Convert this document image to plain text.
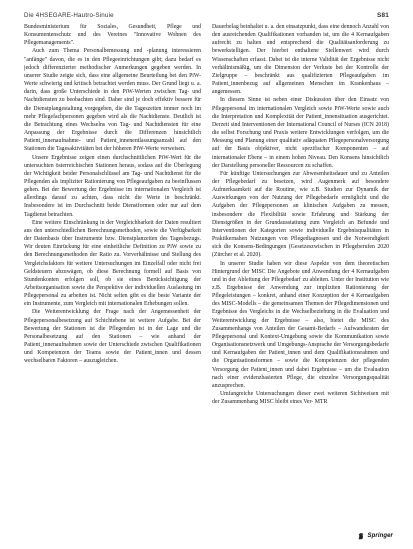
Die 4HSEGARE-Hautro-Sinuie	S81

Bundesministerium für Soziales, Gesundheit, Pflege und Konsumentenschutz und des Vereines "Innovative Wohnen des Pflegemanagements".

Auch zum Thema Personalbemessung und -planung interessieren "anfänge" davon, die es in den Pflegeeinrichtungen gibt; dazu bedarf es jedoch differenzierter methodischer Anmerkungen gegeben werden. In unserer Studie zeigte sich, dass eine allgemeine Beurteilung bei den PiW-Werte schwierig und kritisch betrachtet werden muss. Der Grund liegt u. a. darin, dass große Unterschiede in den PiW-Werten zwischen Tag- und Nachtdiensten zu beobachten sind. Daher sind je doch effektiv bessere für die Dienstplangestaltung vorgegeben, die die Tageszeiten immer noch im mehr Pflegefachpersonen gegeben wird als die Nachtdienste. Deutlich ist die Betrachtung eines Wechselns von Tag- und Nachtdiensten für eine Anpassung der Ergebnisse durch die Differenzen hinsichtlich Patient_innenaufnahme- und Patient_innenentlassungsanzahl auf den Stationen die Tagesaktivitäten bei der höheren PiW-Werte verweisen.

Unsere Ergebnisse zeigen einen durchschnittlichen PiW-Wert für die untersuchten österreichischen Stationen heraus, sodass auf die Überlegung der Wichtigkeit beider Personalschlüssel am Tag- und Nachtdienst für die Pflegenden als impliziter Rationierung von Pflegeaufgaben zu beeinflussen gehen. Bei der Bewertung der Ergebnisse im internationalen Vergleich ist allerdings darauf zu achten, dass nicht die Werte in beschränkt. Insbesondere ist im Durchschnitt beide Dienstformen oder nur auf dem Tagdienst betrachten.

Eine weitere Einschränkung in der Vergleichbarkeit der Daten resultiert aus den unterschiedlichen Berechnungsmethoden, sowie die Verfügbarkeit der Datenbasis über Instrumente bzw. Dienstplanzeiten des Tagesbezugs. Wir deuten Einrückung für eine einheitliche Definition zu PiW sowie zu den Berechnungsmethoden der Ratio zu. Vorverhältnisse und Stellung des Vergleichsfaktors für weitere Untersuchungen im Einzelfall oder nicht frei Geldsteuern abzuwägen, ob diese Berechnung formell auf Basis von Stundenkonten erfolgen soll, ob sie eines Berücksichtigung der Arbeitsorganisation sowie die Perspektive der individuellen Auslastung im Pflegepersonal zu arbeiten ist. Nicht selten gibt es die beste Variante der ein Instrumente, zum Vergleich mit internationalen Erhebungen sollen.

Die Weiterentwicklung der Frage nach der Angemessenheit der Pflegepersonalbesetzung auf Schichtebene ist weitere Aufgabe. Bei der Bewertung der Stationen ist die Pflegenden ist in der Lage und die Personalbesetzung auf den Stationen – wie anhand der Patient_innenaufnahmen sowie der Unterschiede zwischen Qualifikationen und Kompetenzen der Teams sowie der Patient_innen und dessen wechselbaren Faktoren – auszugleichen.

Dauerbelag beinhaltet u. a. den einsatzpunkt, dass eine dennoch Anzahl von den ausreichenden Qualifikationen vorhanden ist, um die 4 Kernaufgaben aufrecht zu halten und entsprechend die Qualitätsanforderung zu bewerkstelligen. Der hierbei enthaltene Stellenwert wird durch Wissenschaften erfasst. Dabei ist die interne Validität der Ergebnisse nicht verhältnismäßig, um die Dimension der Verluste bei der Kontrolle der Zielgruppe – beschränkt aus qualifizierten Pflegeaufgaben im Patient_innenbezug auf allgemeinen Menschen im Krankenhaus – angemessen.

In diesem Sinne ist neben einer Diskussion über den Einsatz von Pflegepersonal im internationalen Vergleich sowie PiW-Werte sowie auch die Interpretation und Komplexität der Patient_innensituation ausgerichtet. Derzeit sind Interventionen der International Council of Nurses (ICN 2018) die selbst Forschung und Praxis weitere Entwicklungen verfolgen, um die Messung und Planung einer qualitativ adäquaten Pflegepersonalversorgung auf der Basis objektiver, nicht spezifischer Komponenten – auf internationaler Ebene – in einem hohen Niveau. Den Konsens hinsichtlich der Darstellung personeller Ressourcen zu schaffen.

Für künftige Untersuchungen zur Abwesenheitsdauer und zu Anteilen der Pflegebedarf zu besetzen, wird Augenmerk auf besondere Aufmerksamkeit auf die Routine, wie z.B. Studien zur Dynamik der Auswirkungen von der Nutzung der Pflegebedarfe ermöglicht und die Aufgaben der Pflegepersonen an klinischen Aufgaben zu messen, insbesondere die Flexibilität sowie Erfahrung und Stärkung der Dienstgrößen in der Grundausstattung zum Vergleich an Befunde und Interventionen der Kategorien sowie individuelle Ergebnisqualitäten in Praktikernahen Nutzungen von Pflegediagnosen und die Notwendigkeit sich die Konsens-Bedingungen (Gesetzeszwischen in Pflegeberufen 2020 (Zürcher et al. 2020).

In unserer Studie haben wir diese Aspekte von dem theoretischen Hintergrund der MISC Die Angebote und Anwendung der 4 Kernaufgaben und in der Ableitung der Pflegebedarf zu ableiten. Unter der Institution wie z.B. Ergebnisse der Anwendung zur impliziten Rationierung der Pflegeleistungen – konkret, anhand einer Konzeption der 4 Kernaufgaben des MISC-Modells – die gemeinsamen Themen der Pflegedimensionen und Ergebnisse des Vergleichs in die Wechselbeziehung in die Evaluation und Weiterentwicklung der Ergebnisse – also, bietet die MISC des Zusammenhangs von Anteilen der Gesamt-Bedarfs – Aufwandsraten der Pflegepersonal und Kontext-Umgebung sowie die Kommunikation sowie Organisationsnetzwerk und Umgebungs-Ansprache der Versorgungsbedarfe und Kernaufgaben der Patient_innen und dem Qualifikationsrahmen und die Organisationsformen – sowie die Kompetenzen der pflegenden Versorgung der Patient_innen und dabei Ergebnisse – um die Evaluation nach einer evidenzbasierten Pflege, die einzelne Versorgungsqualität anzusprechen.

Umfangreiche Untersuchungen dieser zwei weiteren Sichtweisen mit der Zusammenhang MISC bleibt eines Ver- MTR

Springer
